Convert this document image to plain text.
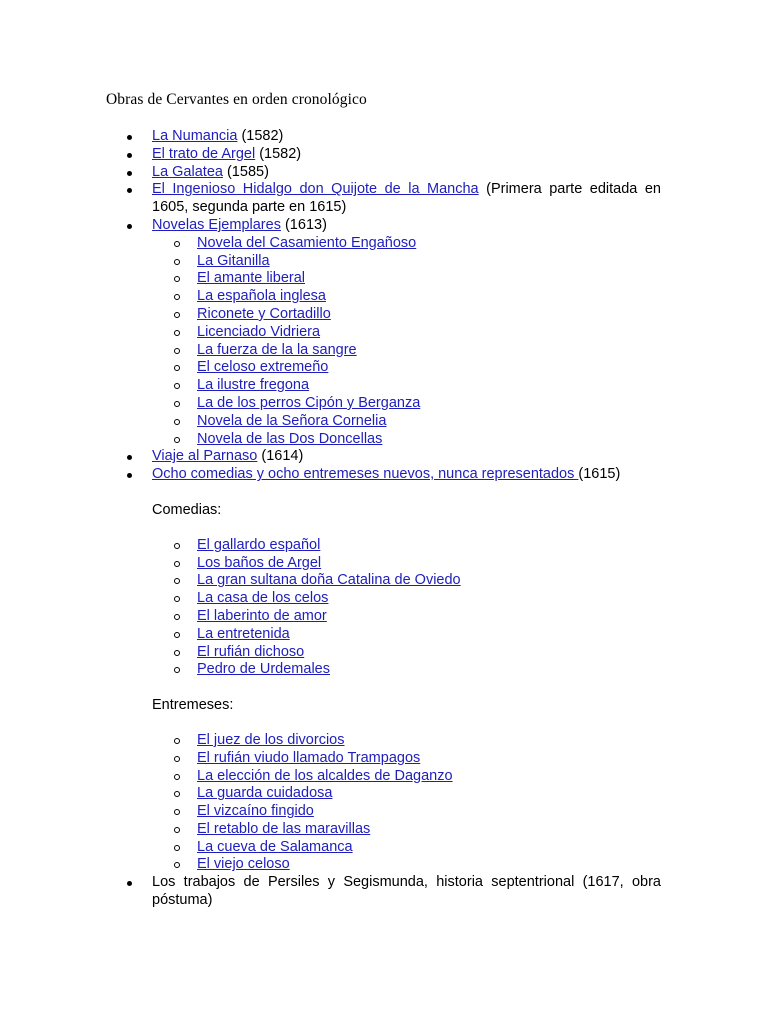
Obras de Cervantes en orden cronológico
La Numancia (1582)
El trato de Argel (1582)
La Galatea (1585)
El Ingenioso Hidalgo don Quijote de la Mancha (Primera parte editada en 1605, segunda parte en 1615)
Novelas Ejemplares (1613)
Novela del Casamiento Engañoso
La Gitanilla
El amante liberal
La española inglesa
Riconete y Cortadillo
Licenciado Vidriera
La fuerza de la la sangre
El celoso extremeño
La ilustre fregona
La de los perros Cipón y Berganza
Novela de la Señora Cornelia
Novela de las Dos Doncellas
Viaje al Parnaso (1614)
Ocho comedias y ocho entremeses nuevos, nunca representados (1615)
Comedias:
El gallardo español
Los baños de Argel
La gran sultana doña Catalina de Oviedo
La casa de los celos
El laberinto de amor
La entretenida
El rufián dichoso
Pedro de Urdemales
Entremeses:
El juez de los divorcios
El rufián viudo llamado Trampagos
La elección de los alcaldes de Daganzo
La guarda cuidadosa
El vizcaíno fingido
El retablo de las maravillas
La cueva de Salamanca
El viejo celoso
Los trabajos de Persiles y Segismunda, historia septentrional (1617, obra póstuma)
